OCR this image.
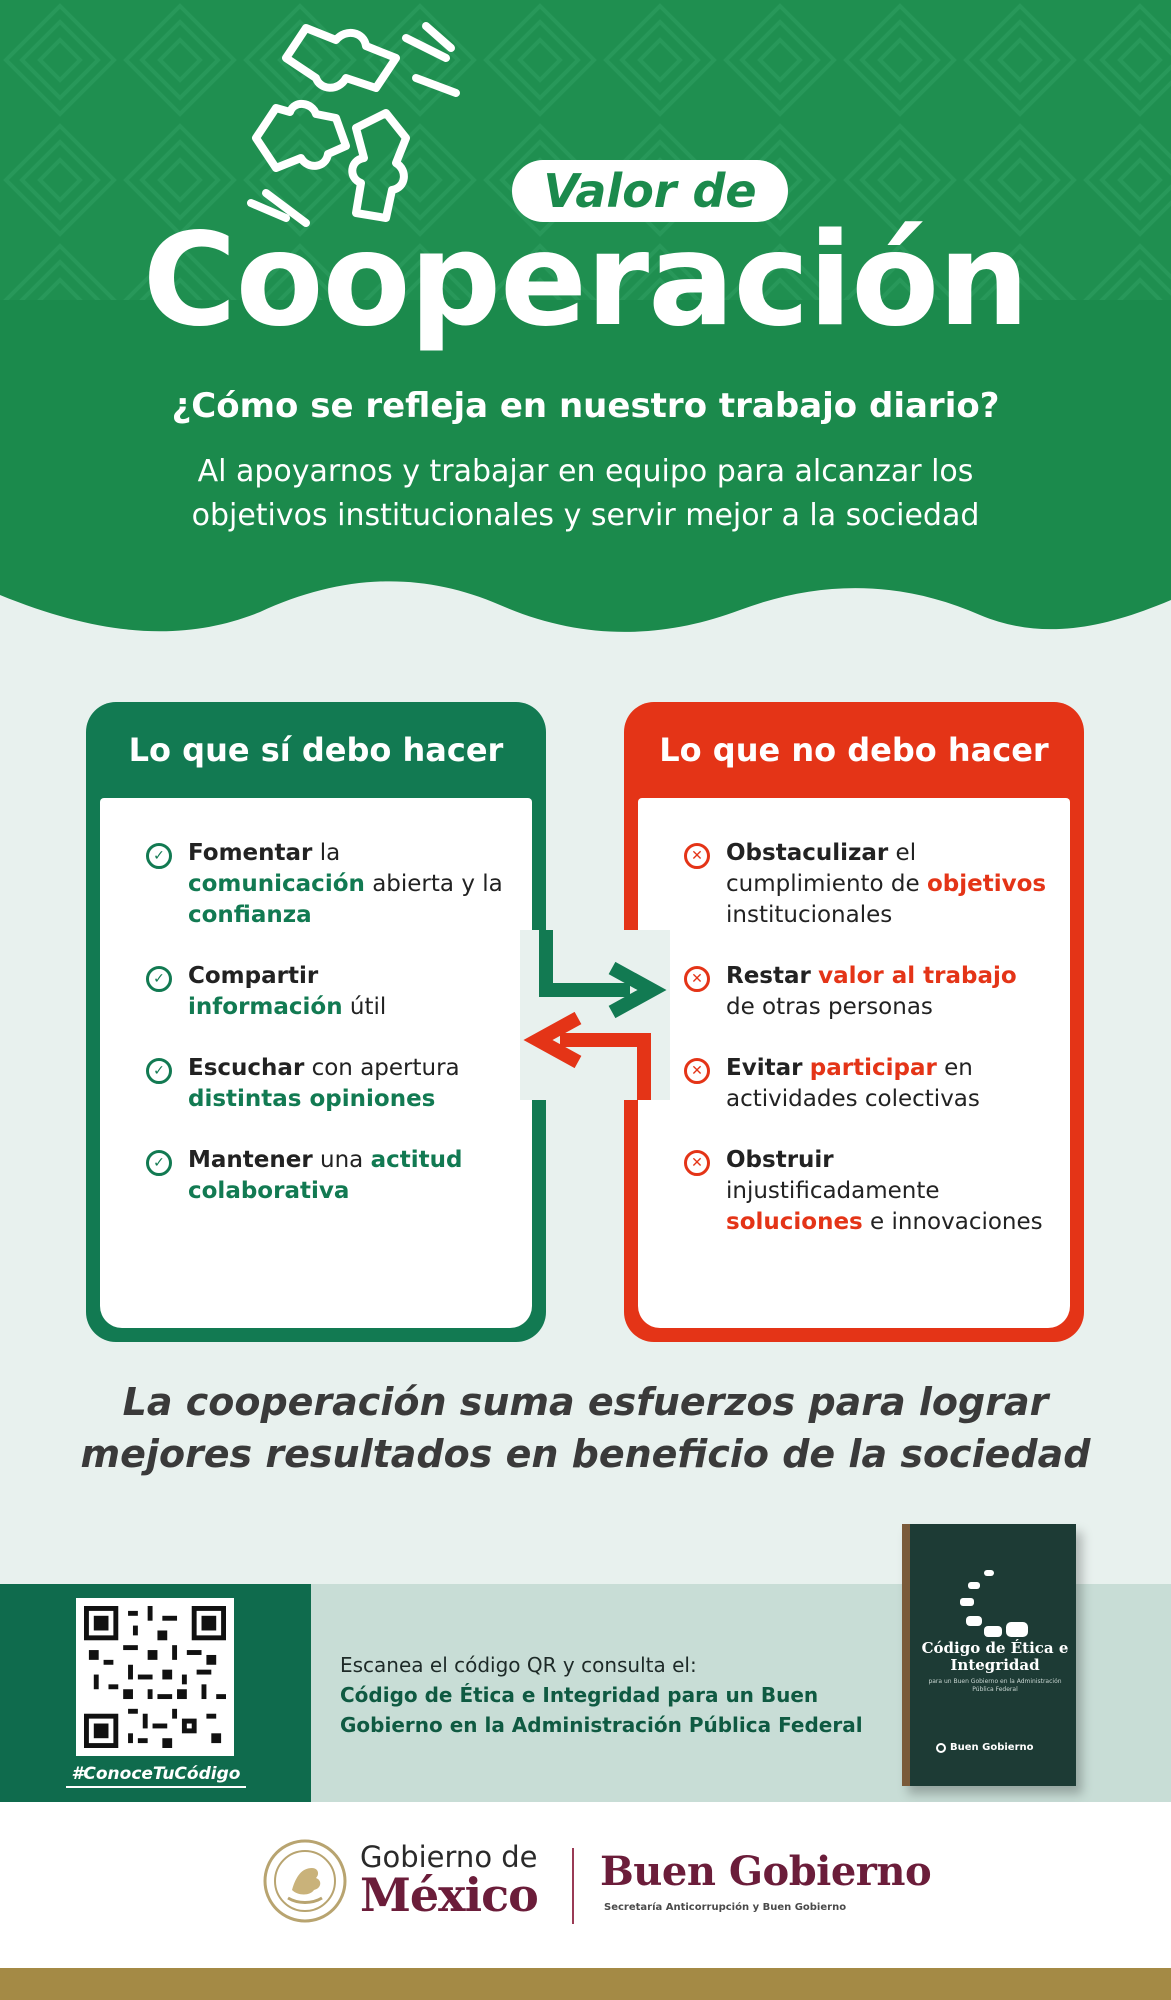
Valor de
Cooperación
¿Cómo se refleja en nuestro trabajo diario?
Al apoyarnos y trabajar en equipo para alcanzar los objetivos institucionales y servir mejor a la sociedad
Lo que sí debo hacer
✓	Fomentar la comunicación abierta y la confianza
✓	Compartir
información útil
✓	Escuchar con apertura
distintas opiniones
✓	Mantener una actitud colaborativa
Lo que no debo hacer
✕	Obstaculizar el cumplimiento de objetivos institucionales
✕	Restar valor al trabajo de otras personas
✕	Evitar participar en actividades colectivas
✕	Obstruir injustificadamente soluciones e innovaciones
La cooperación suma esfuerzos para lograr
mejores resultados en beneficio de la sociedad
#ConoceTuCódigo
Escanea el código QR y consulta el:
Código de Ética e Integridad para un Buen Gobierno en la Administración Pública Federal
Código de Ética e Integridad
para un Buen Gobierno en la Administración Pública Federal
Buen Gobierno
Gobierno de
México Buen Gobierno
Secretaría Anticorrupción y Buen Gobierno
